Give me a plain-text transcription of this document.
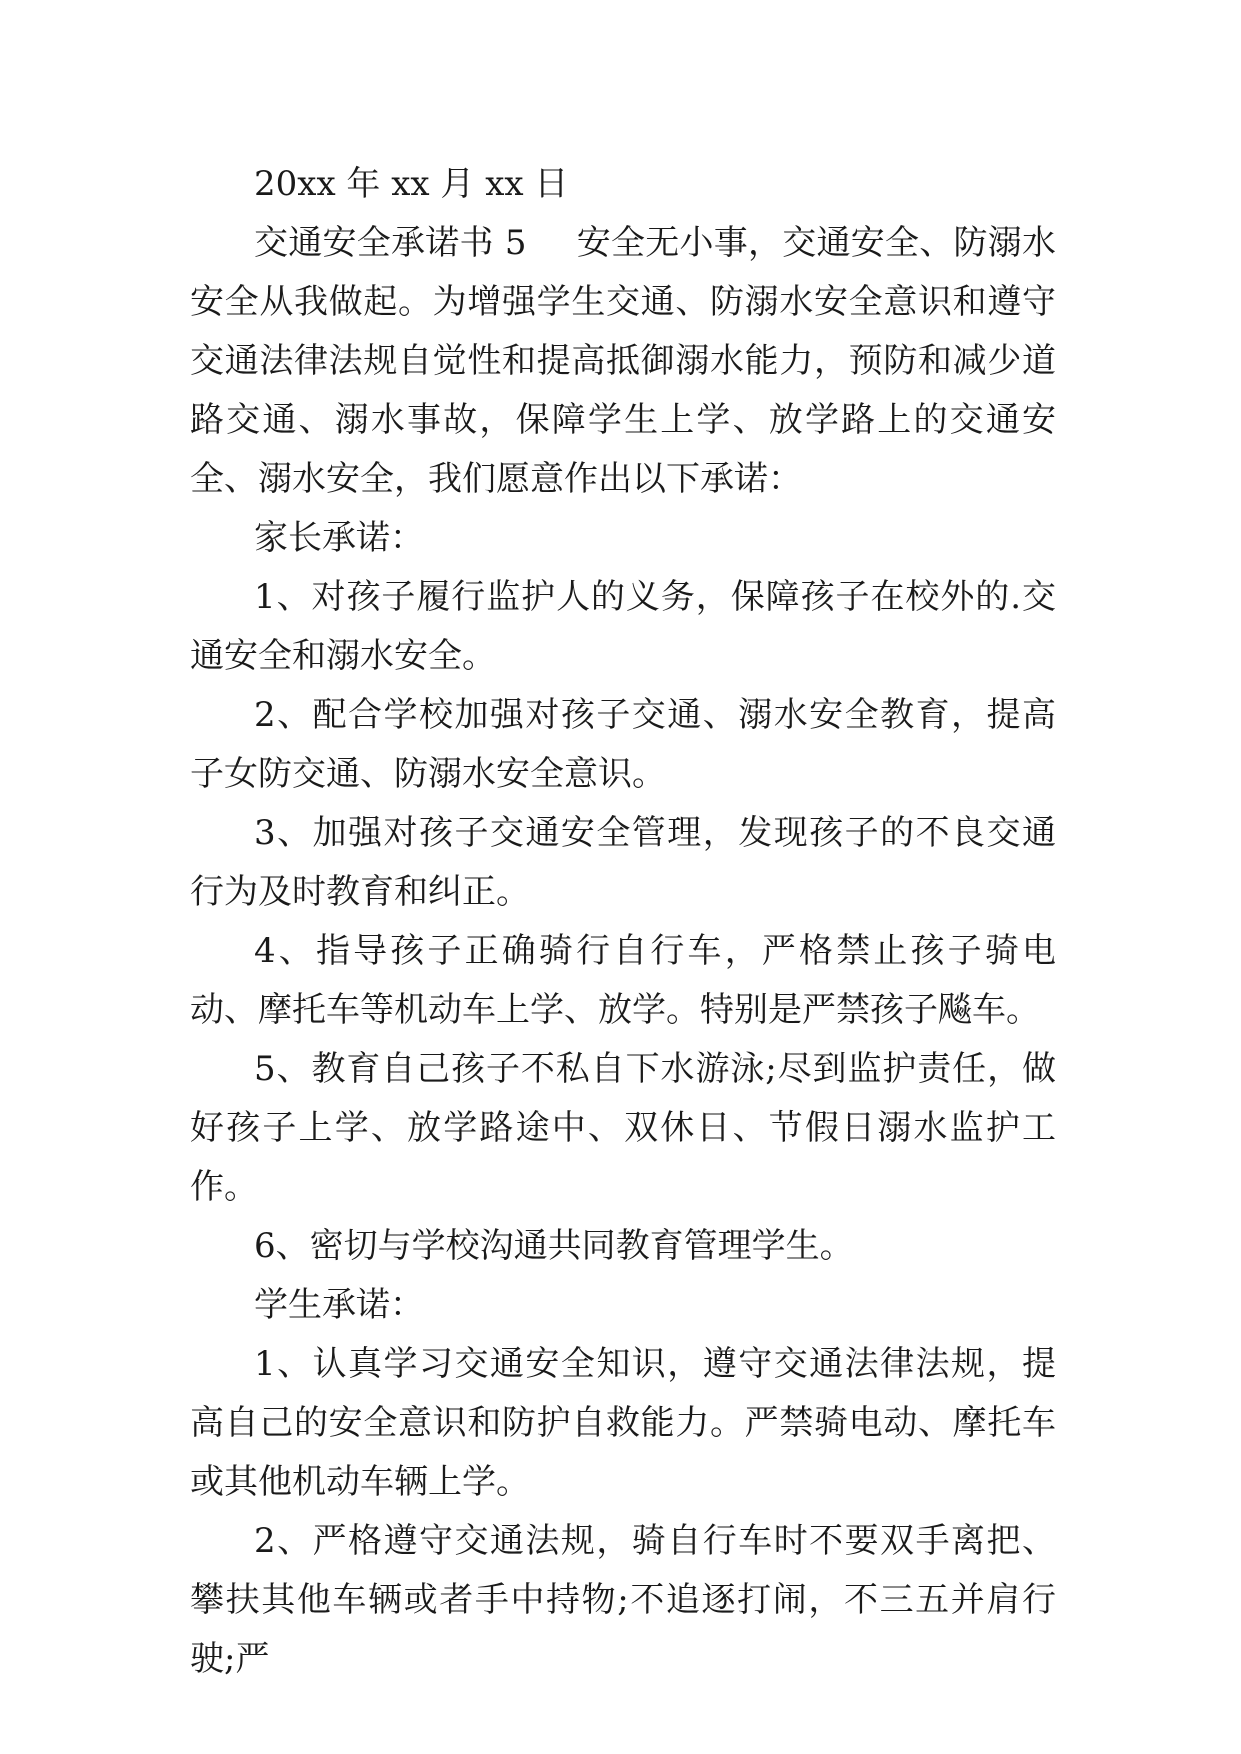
20xx 年 xx 月 xx 日

交通安全承诺书 5 安全无小事，交通安全、防溺水安全从我做起。为增强学生交通、防溺水安全意识和遵守交通法律法规自觉性和提高抵御溺水能力，预防和减少道路交通、溺水事故，保障学生上学、放学路上的交通安全、溺水安全，我们愿意作出以下承诺：

家长承诺：

1、对孩子履行监护人的义务，保障孩子在校外的.交通安全和溺水安全。

2、配合学校加强对孩子交通、溺水安全教育，提高子女防交通、防溺水安全意识。

3、加强对孩子交通安全管理，发现孩子的不良交通行为及时教育和纠正。

4、指导孩子正确骑行自行车，严格禁止孩子骑电动、摩托车等机动车上学、放学。特别是严禁孩子飚车。

5、教育自己孩子不私自下水游泳;尽到监护责任，做好孩子上学、放学路途中、双休日、节假日溺水监护工作。

6、密切与学校沟通共同教育管理学生。

学生承诺：

1、认真学习交通安全知识，遵守交通法律法规，提高自己的安全意识和防护自救能力。严禁骑电动、摩托车或其他机动车辆上学。

2、严格遵守交通法规，骑自行车时不要双手离把、攀扶其他车辆或者手中持物;不追逐打闹，不三五并肩行驶;严
